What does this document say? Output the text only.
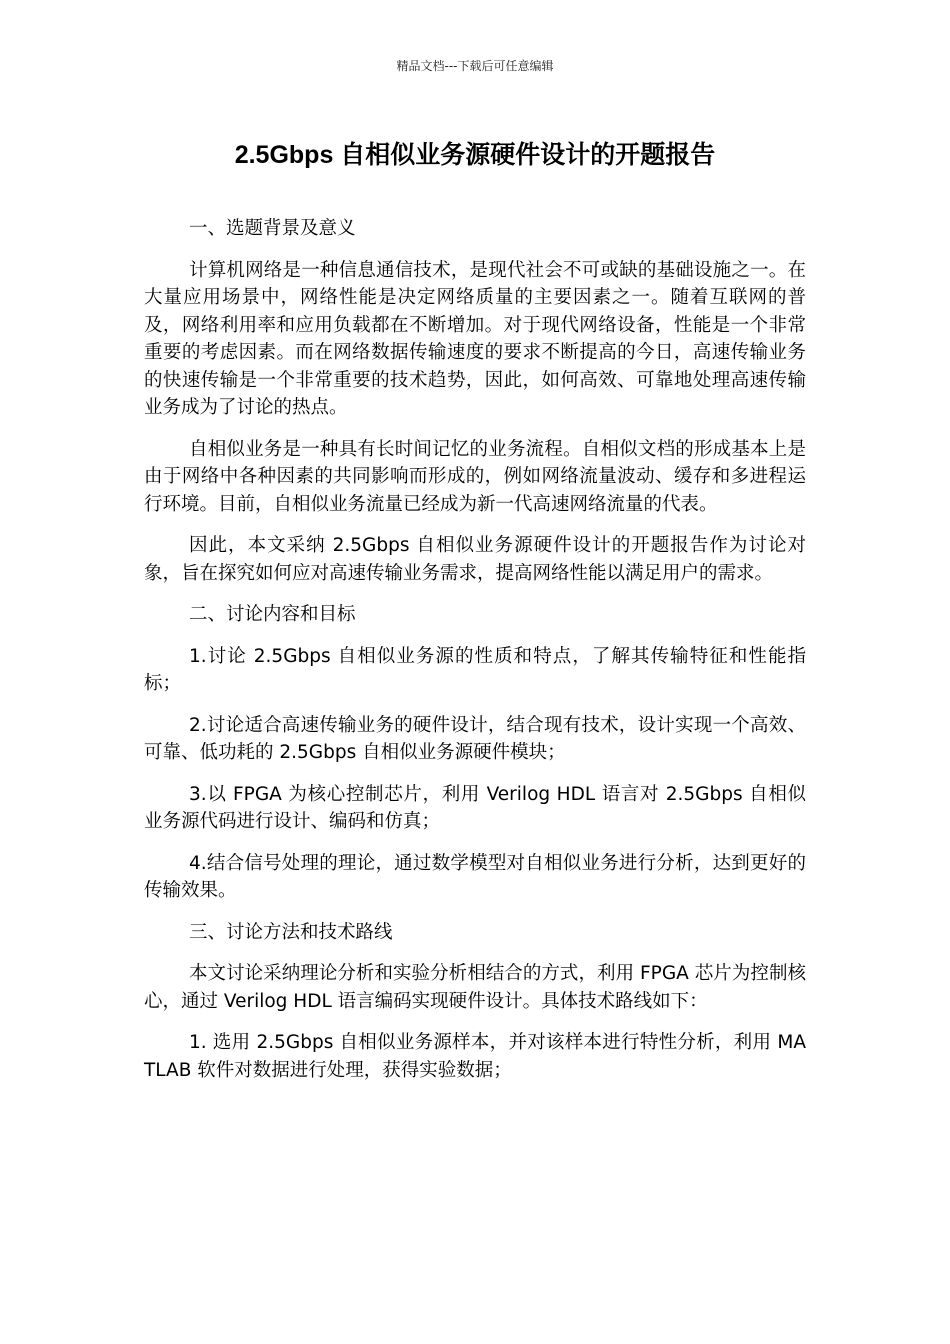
精品文档---下载后可任意编辑
2.5Gbps 自相似业务源硬件设计的开题报告

一、选题背景及意义

计算机网络是一种信息通信技术，是现代社会不可或缺的基础设施之一。在大量应用场景中，网络性能是决定网络质量的主要因素之一。随着互联网的普及，网络利用率和应用负载都在不断增加。对于现代网络设备，性能是一个非常重要的考虑因素。而在网络数据传输速度的要求不断提高的今日，高速传输业务的快速传输是一个非常重要的技术趋势，因此，如何高效、可靠地处理高速传输业务成为了讨论的热点。

自相似业务是一种具有长时间记忆的业务流程。自相似文档的形成基本上是由于网络中各种因素的共同影响而形成的，例如网络流量波动、缓存和多进程运行环境。目前，自相似业务流量已经成为新一代高速网络流量的代表。

因此，本文采纳 2.5Gbps 自相似业务源硬件设计的开题报告作为讨论对象，旨在探究如何应对高速传输业务需求，提高网络性能以满足用户的需求。

二、讨论内容和目标

1.讨论 2.5Gbps 自相似业务源的性质和特点，了解其传输特征和性能指标；

2.讨论适合高速传输业务的硬件设计，结合现有技术，设计实现一个高效、可靠、低功耗的 2.5Gbps 自相似业务源硬件模块；

3.以 FPGA 为核心控制芯片，利用 Verilog HDL 语言对 2.5Gbps 自相似业务源代码进行设计、编码和仿真；

4.结合信号处理的理论，通过数学模型对自相似业务进行分析，达到更好的传输效果。

三、讨论方法和技术路线

本文讨论采纳理论分析和实验分析相结合的方式，利用 FPGA 芯片为控制核心，通过 Verilog HDL 语言编码实现硬件设计。具体技术路线如下：

1. 选用 2.5Gbps 自相似业务源样本，并对该样本进行特性分析，利用 MATLAB 软件对数据进行处理，获得实验数据；
